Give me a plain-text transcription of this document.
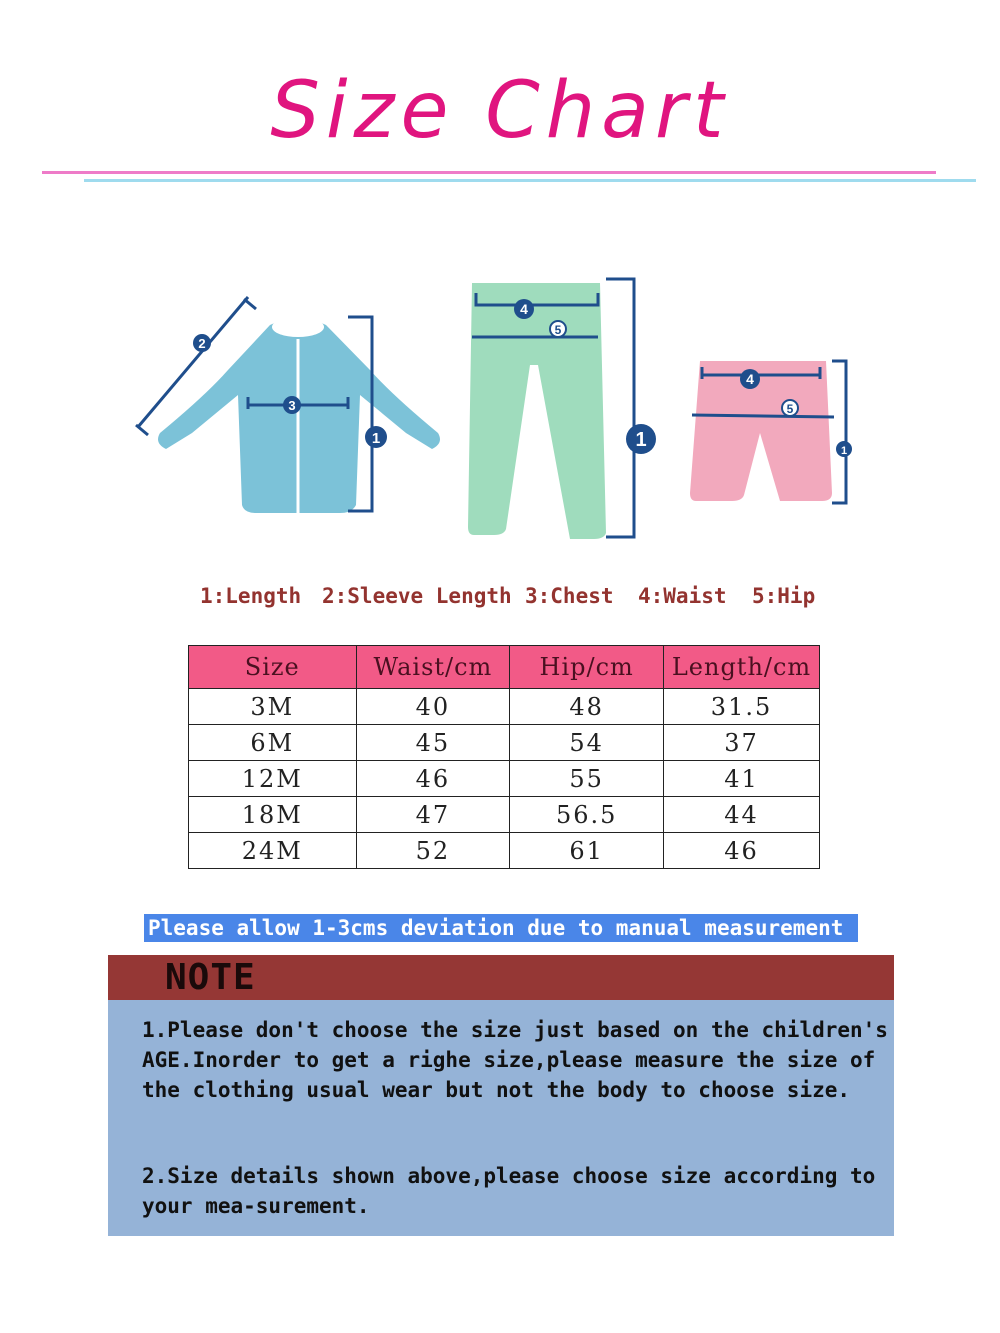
Size Chart
2
3
1
4
5
1
4
5
1
1:Length 2:Sleeve Length 3:Chest 4:Waist 5:Hip
Size	Waist/cm	Hip/cm	Length/cm
3M	40	48	31.5
6M	45	54	37
12M	46	55	41
18M	47	56.5	44
24M	52	61	46
Please allow 1-3cms deviation due to manual measurement
NOTE
1.Please don't choose the size just based on the children's AGE.Inorder to get a righe size,please measure the size of the clothing usual wear but not the body to choose size.
2.Size details shown above,please choose size according to your mea-surement.
